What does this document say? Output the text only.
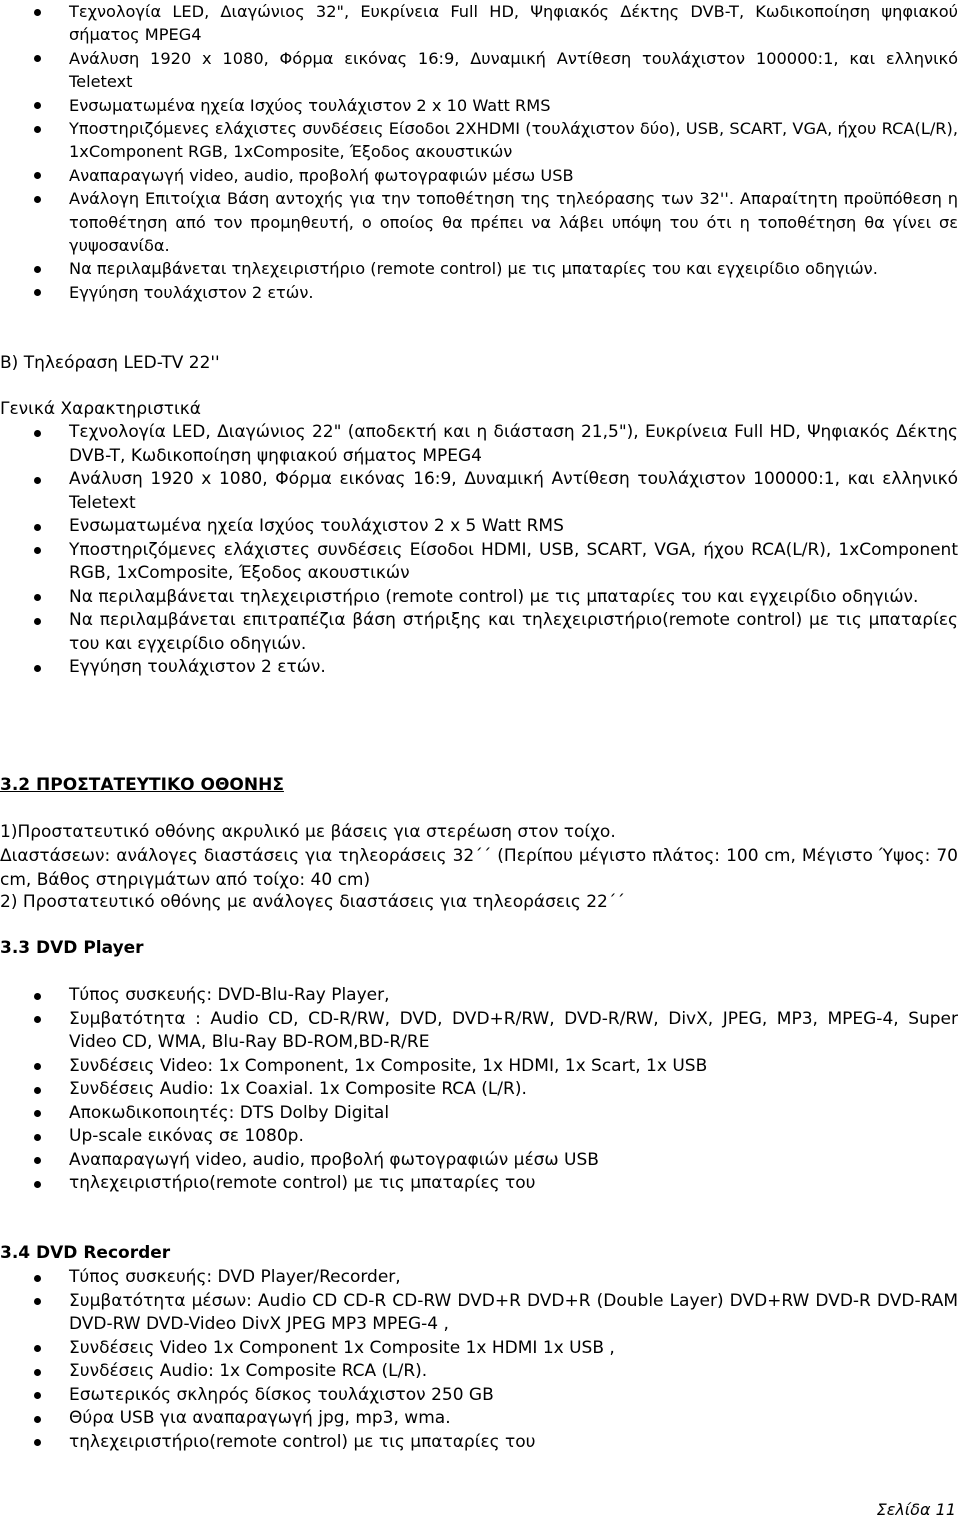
Τεχνολογία LED, Διαγώνιος 32", Ευκρίνεια Full HD, Ψηφιακός Δέκτης DVB-T, Κωδικοποίηση ψηφιακού σήματος MPEG4
Ανάλυση 1920 x 1080, Φόρμα εικόνας 16:9, Δυναμική Αντίθεση τουλάχιστον 100000:1, και ελληνικό Teletext
Ενσωματωμένα ηχεία Ισχύος τουλάχιστον 2 x 10 Watt RMS
Υποστηριζόμενες ελάχιστες συνδέσεις Είσοδοι 2XHDMI (τουλάχιστον δύο), USB, SCART, VGA, ήχου RCA(L/R), 1xComponent RGB, 1xComposite, Έξοδος ακουστικών
Αναπαραγωγή video, audio, προβολή φωτογραφιών μέσω USB
Ανάλογη Επιτοίχια Βάση αντοχής για την τοποθέτηση της τηλεόρασης των 32''. Απαραίτητη προϋπόθεση η τοποθέτηση από τον προμηθευτή, ο οποίος θα πρέπει να λάβει υπόψη του ότι η τοποθέτηση θα γίνει σε γυψοσανίδα.
Να περιλαμβάνεται τηλεχειριστήριο (remote control) με τις μπαταρίες του και εγχειρίδιο οδηγιών.
Εγγύηση τουλάχιστον 2 ετών.
Β) Τηλεόραση LED-TV 22''
Γενικά Χαρακτηριστικά
Τεχνολογία LED, Διαγώνιος 22" (αποδεκτή και η διάσταση 21,5"), Ευκρίνεια Full HD, Ψηφιακός Δέκτης DVB-T, Κωδικοποίηση ψηφιακού σήματος MPEG4
Ανάλυση 1920 x 1080, Φόρμα εικόνας 16:9, Δυναμική Αντίθεση τουλάχιστον 100000:1, και ελληνικό Teletext
Ενσωματωμένα ηχεία Ισχύος τουλάχιστον 2 x 5 Watt RMS
Υποστηριζόμενες ελάχιστες συνδέσεις Είσοδοι HDMI, USB, SCART, VGA, ήχου RCA(L/R), 1xComponent RGB, 1xComposite, Έξοδος ακουστικών
Να περιλαμβάνεται τηλεχειριστήριο (remote control) με τις μπαταρίες του και εγχειρίδιο οδηγιών.
Να περιλαμβάνεται επιτραπέζια βάση στήριξης και τηλεχειριστήριο(remote control) με τις μπαταρίες του και εγχειρίδιο οδηγιών.
Εγγύηση τουλάχιστον 2 ετών.
3.2 ΠΡΟΣΤΑΤΕΥΤΙΚΟ ΟΘΟΝΗΣ
1)Προστατευτικό οθόνης ακρυλικό με βάσεις για στερέωση στον τοίχο.
Διαστάσεων: ανάλογες διαστάσεις για τηλεοράσεις 32΄΄ (Περίπου μέγιστο πλάτος: 100 cm, Μέγιστο Ύψος: 70 cm, Βάθος στηριγμάτων από τοίχο: 40 cm)
2) Προστατευτικό οθόνης με ανάλογες διαστάσεις για τηλεοράσεις 22΄΄
3.3 DVD Player
Τύπος συσκευής: DVD-Blu-Ray Player,
Συμβατότητα : Audio CD, CD-R/RW, DVD, DVD+R/RW, DVD-R/RW, DivX, JPEG, MP3, MPEG-4, Super Video CD, WMA, Blu-Ray BD-ROM,BD-R/RE
Συνδέσεις Video: 1x Component, 1x Composite, 1x HDMI, 1x Scart, 1x USB
Συνδέσεις Audio: 1x Coaxial. 1x Composite RCA (L/R).
Αποκωδικοποιητές: DTS Dolby Digital
Up-scale εικόνας σε 1080p.
Αναπαραγωγή video, audio, προβολή φωτογραφιών μέσω USB
τηλεχειριστήριο(remote control) με τις μπαταρίες του
3.4 DVD Recorder
Τύπος συσκευής: DVD Player/Recorder,
Συμβατότητα μέσων: Audio CD CD-R CD-RW DVD+R DVD+R (Double Layer) DVD+RW DVD-R DVD-RAM DVD-RW DVD-Video DivX JPEG MP3 MPEG-4 ,
Συνδέσεις Video 1x Component 1x Composite 1x HDMI 1x USB ,
Συνδέσεις Audio: 1x Composite RCA (L/R).
Εσωτερικός σκληρός δίσκος τουλάχιστον 250 GB
Θύρα USB για αναπαραγωγή jpg, mp3, wma.
τηλεχειριστήριο(remote control) με τις μπαταρίες του
Σελίδα 11
